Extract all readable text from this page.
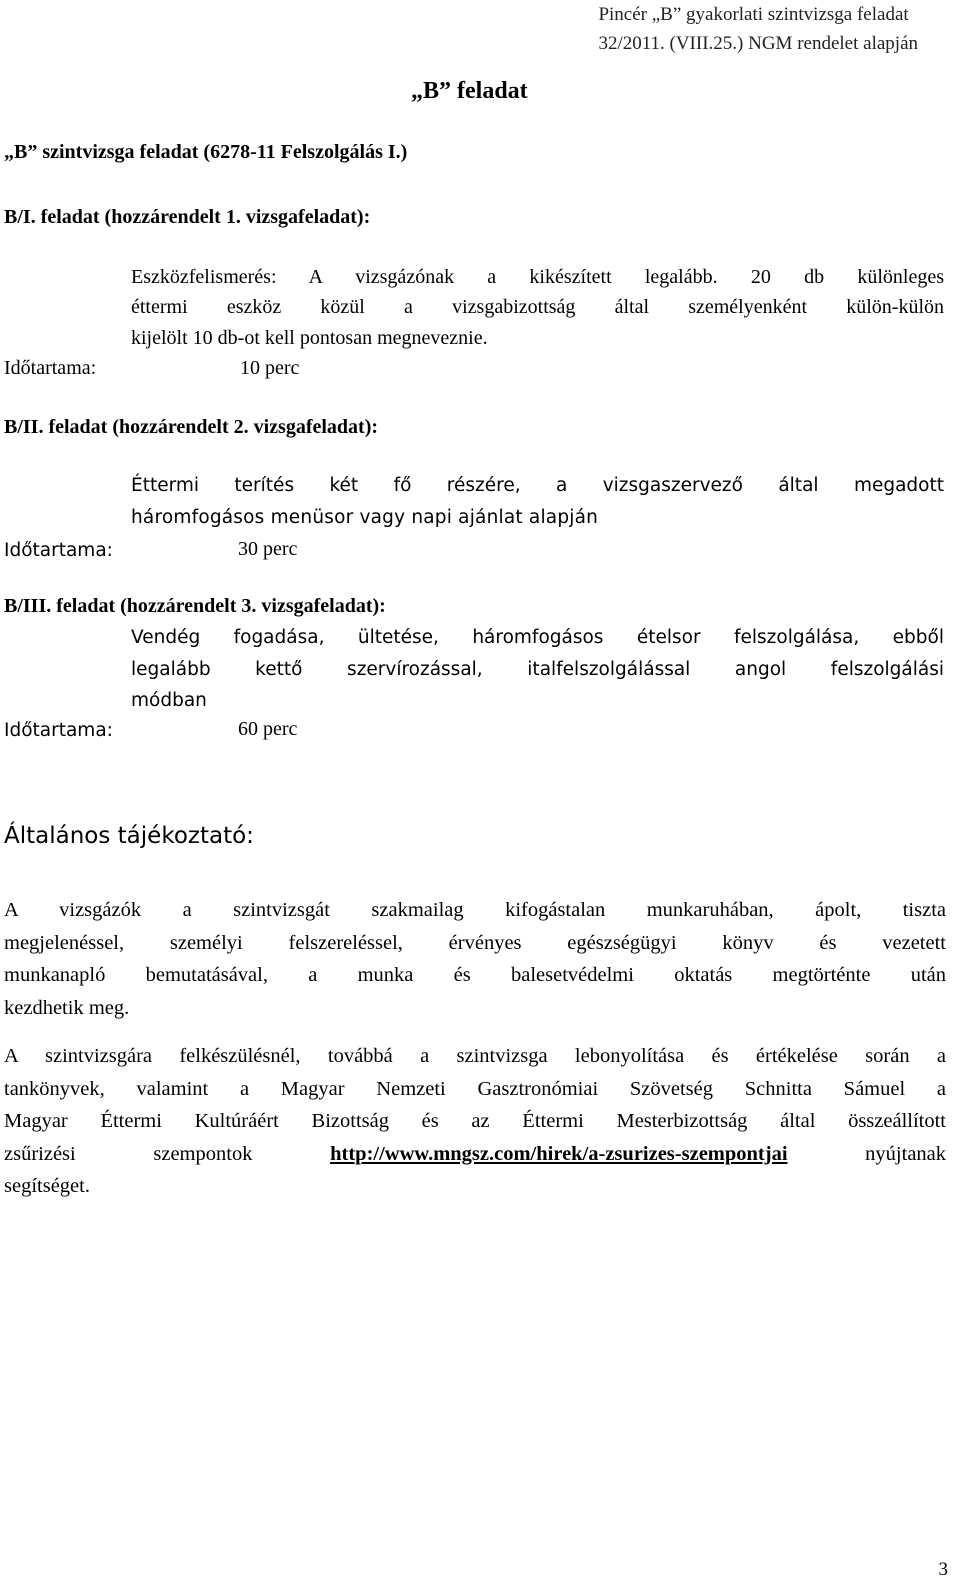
Pincér „B” gyakorlati szintvizsga feladat
32/2011. (VIII.25.) NGM rendelet alapján
„B” feladat
„B” szintvizsga feladat (6278-11 Felszolgálás I.)
B/I. feladat (hozzárendelt 1. vizsgafeladat):
Eszközfelismerés: A vizsgázónak a kikészített legalább. 20 db különleges
éttermi eszköz közül a vizsgabizottság által személyenként külön-külön
kijelölt 10 db-ot kell pontosan megneveznie.
Időtartama:	10 perc
B/II. feladat (hozzárendelt 2. vizsgafeladat):
Éttermi terítés két fő részére, a vizsgaszervező által megadott
háromfogásos menüsor vagy napi ajánlat alapján
Időtartama:	30 perc
B/III. feladat (hozzárendelt 3. vizsgafeladat):
Vendég fogadása, ültetése, háromfogásos ételsor felszolgálása, ebből
legalább kettő szervírozással, italfelszolgálással angol felszolgálási
módban
Időtartama:	60 perc
Általános tájékoztató:
A vizsgázók a szintvizsgát szakmailag kifogástalan munkaruhában, ápolt, tiszta
megjelenéssel, személyi felszereléssel, érvényes egészségügyi könyv és vezetett
munkanapló bemutatásával, a munka és balesetvédelmi oktatás megtörténte után
kezdhetik meg.
A szintvizsgára felkészülésnél, továbbá a szintvizsga lebonyolítása és értékelése során a
tankönyvek, valamint a Magyar Nemzeti Gasztronómiai Szövetség Schnitta Sámuel a
Magyar Éttermi Kultúráért Bizottság és az Éttermi Mesterbizottság által összeállított
zsűrizési szempontok	http://www.mngsz.com/hirek/a-zsurizes-szempontjai	nyújtanak
segítséget.
3
